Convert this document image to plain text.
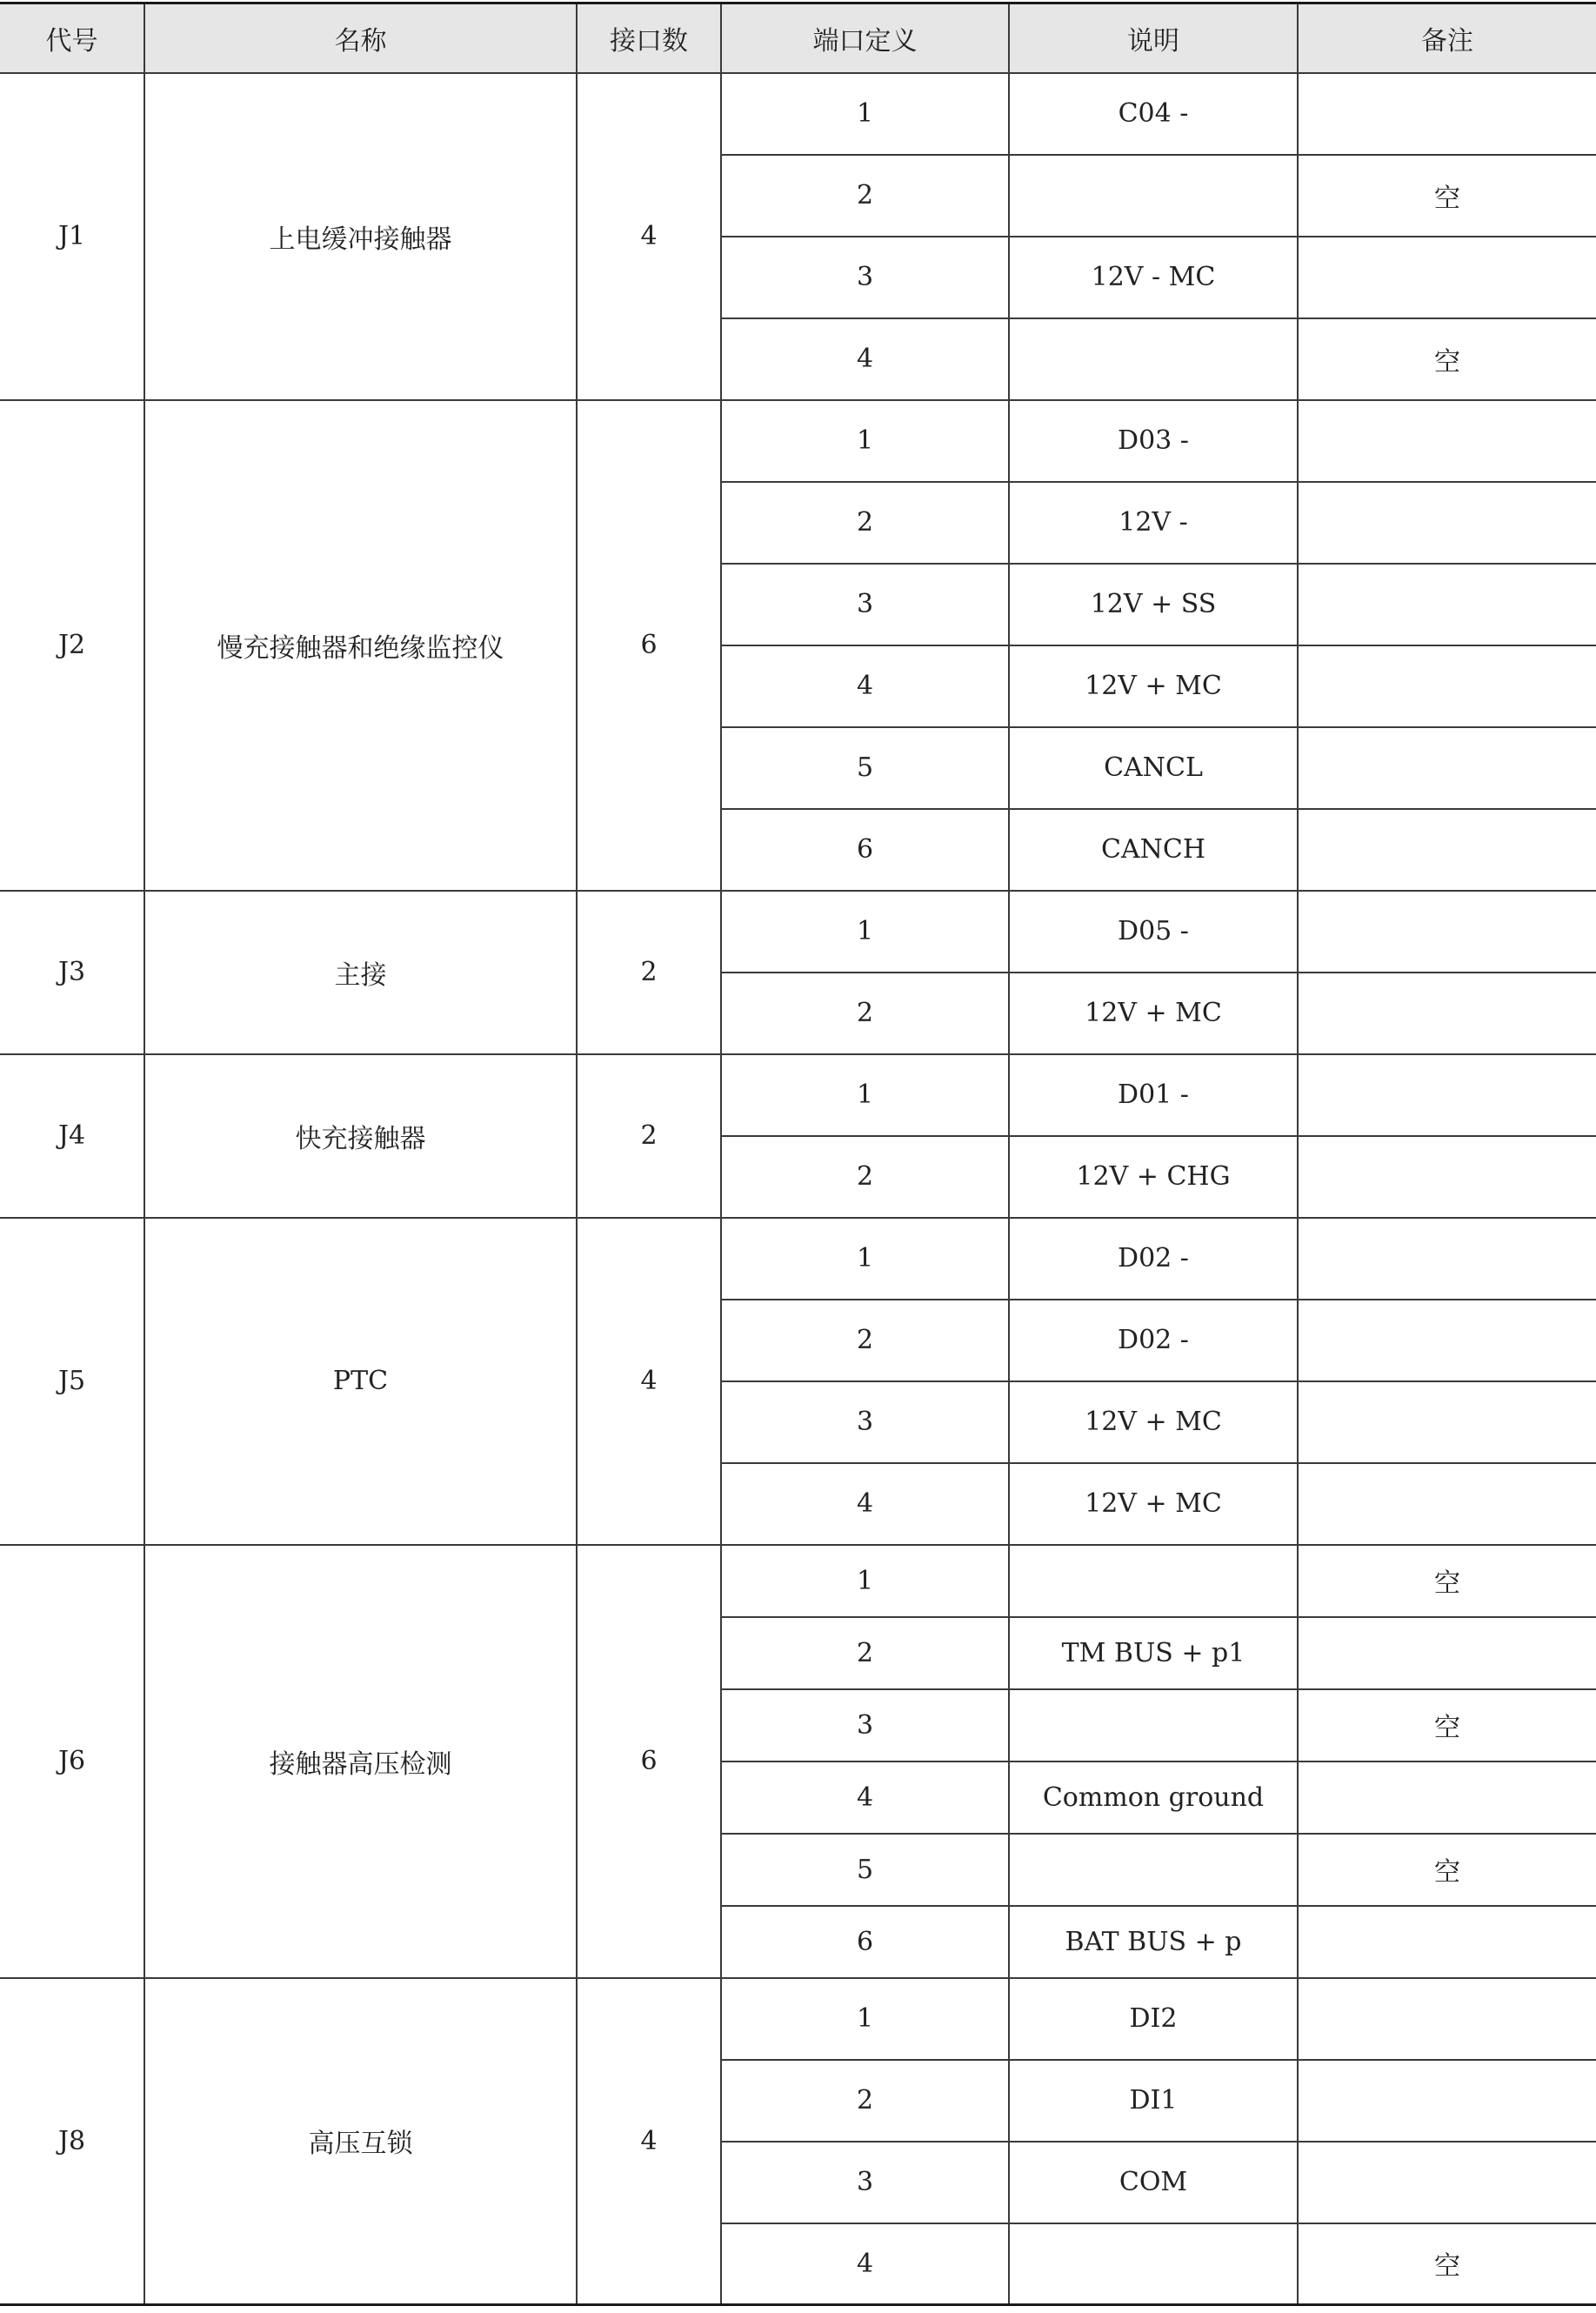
代号	名称	接口数	端口定义	说明	备注
J1	上电缓冲接触器	4	1	C04 -	
			2		空
			3	12V - MC	
			4		空
J2	慢充接触器和绝缘监控仪	6	1	D03 -	
			2	12V -	
			3	12V + SS	
			4	12V + MC	
			5	CANCL	
			6	CANCH	
J3	主接	2	1	D05 -	
			2	12V + MC	
J4	快充接触器	2	1	D01 -	
			2	12V + CHG	
J5	PTC	4	1	D02 -	
			2	D02 -	
			3	12V + MC	
			4	12V + MC	
J6	接触器高压检测	6	1		空
			2	TM BUS + p1	
			3		空
			4	Common ground	
			5		空
			6	BAT BUS + p	
J8	高压互锁	4	1	DI2	
			2	DI1	
			3	COM	
			4		空
